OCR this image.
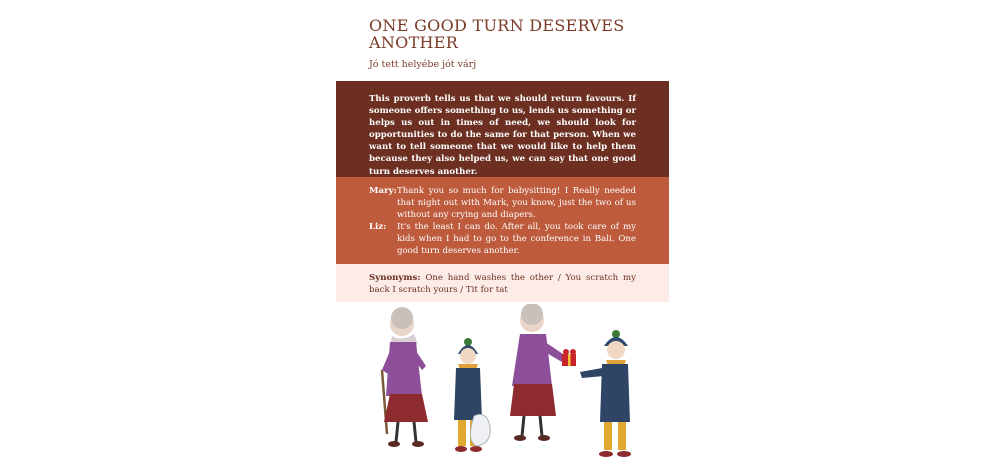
ONE GOOD TURN DESERVES ANOTHER
Jó tett helyébe jót várj

This proverb tells us that we should return favours. If someone offers something to us, lends us something or helps us out in times of need, we should look for opportunities to do the same for that person. When we want to tell someone that we would like to help them because they also helped us, we can say that one good turn deserves another.

Mary: Thank you so much for babysitting! I Really needed that night out with Mark, you know, just the two of us without any crying and diapers.
Liz:	It's the least I can do. After all, you took care of my kids when I had to go to the conference in Bali. One good turn deserves another.

Synonyms: One hand washes the other / You scratch my back I scratch yours / Tit for tat
